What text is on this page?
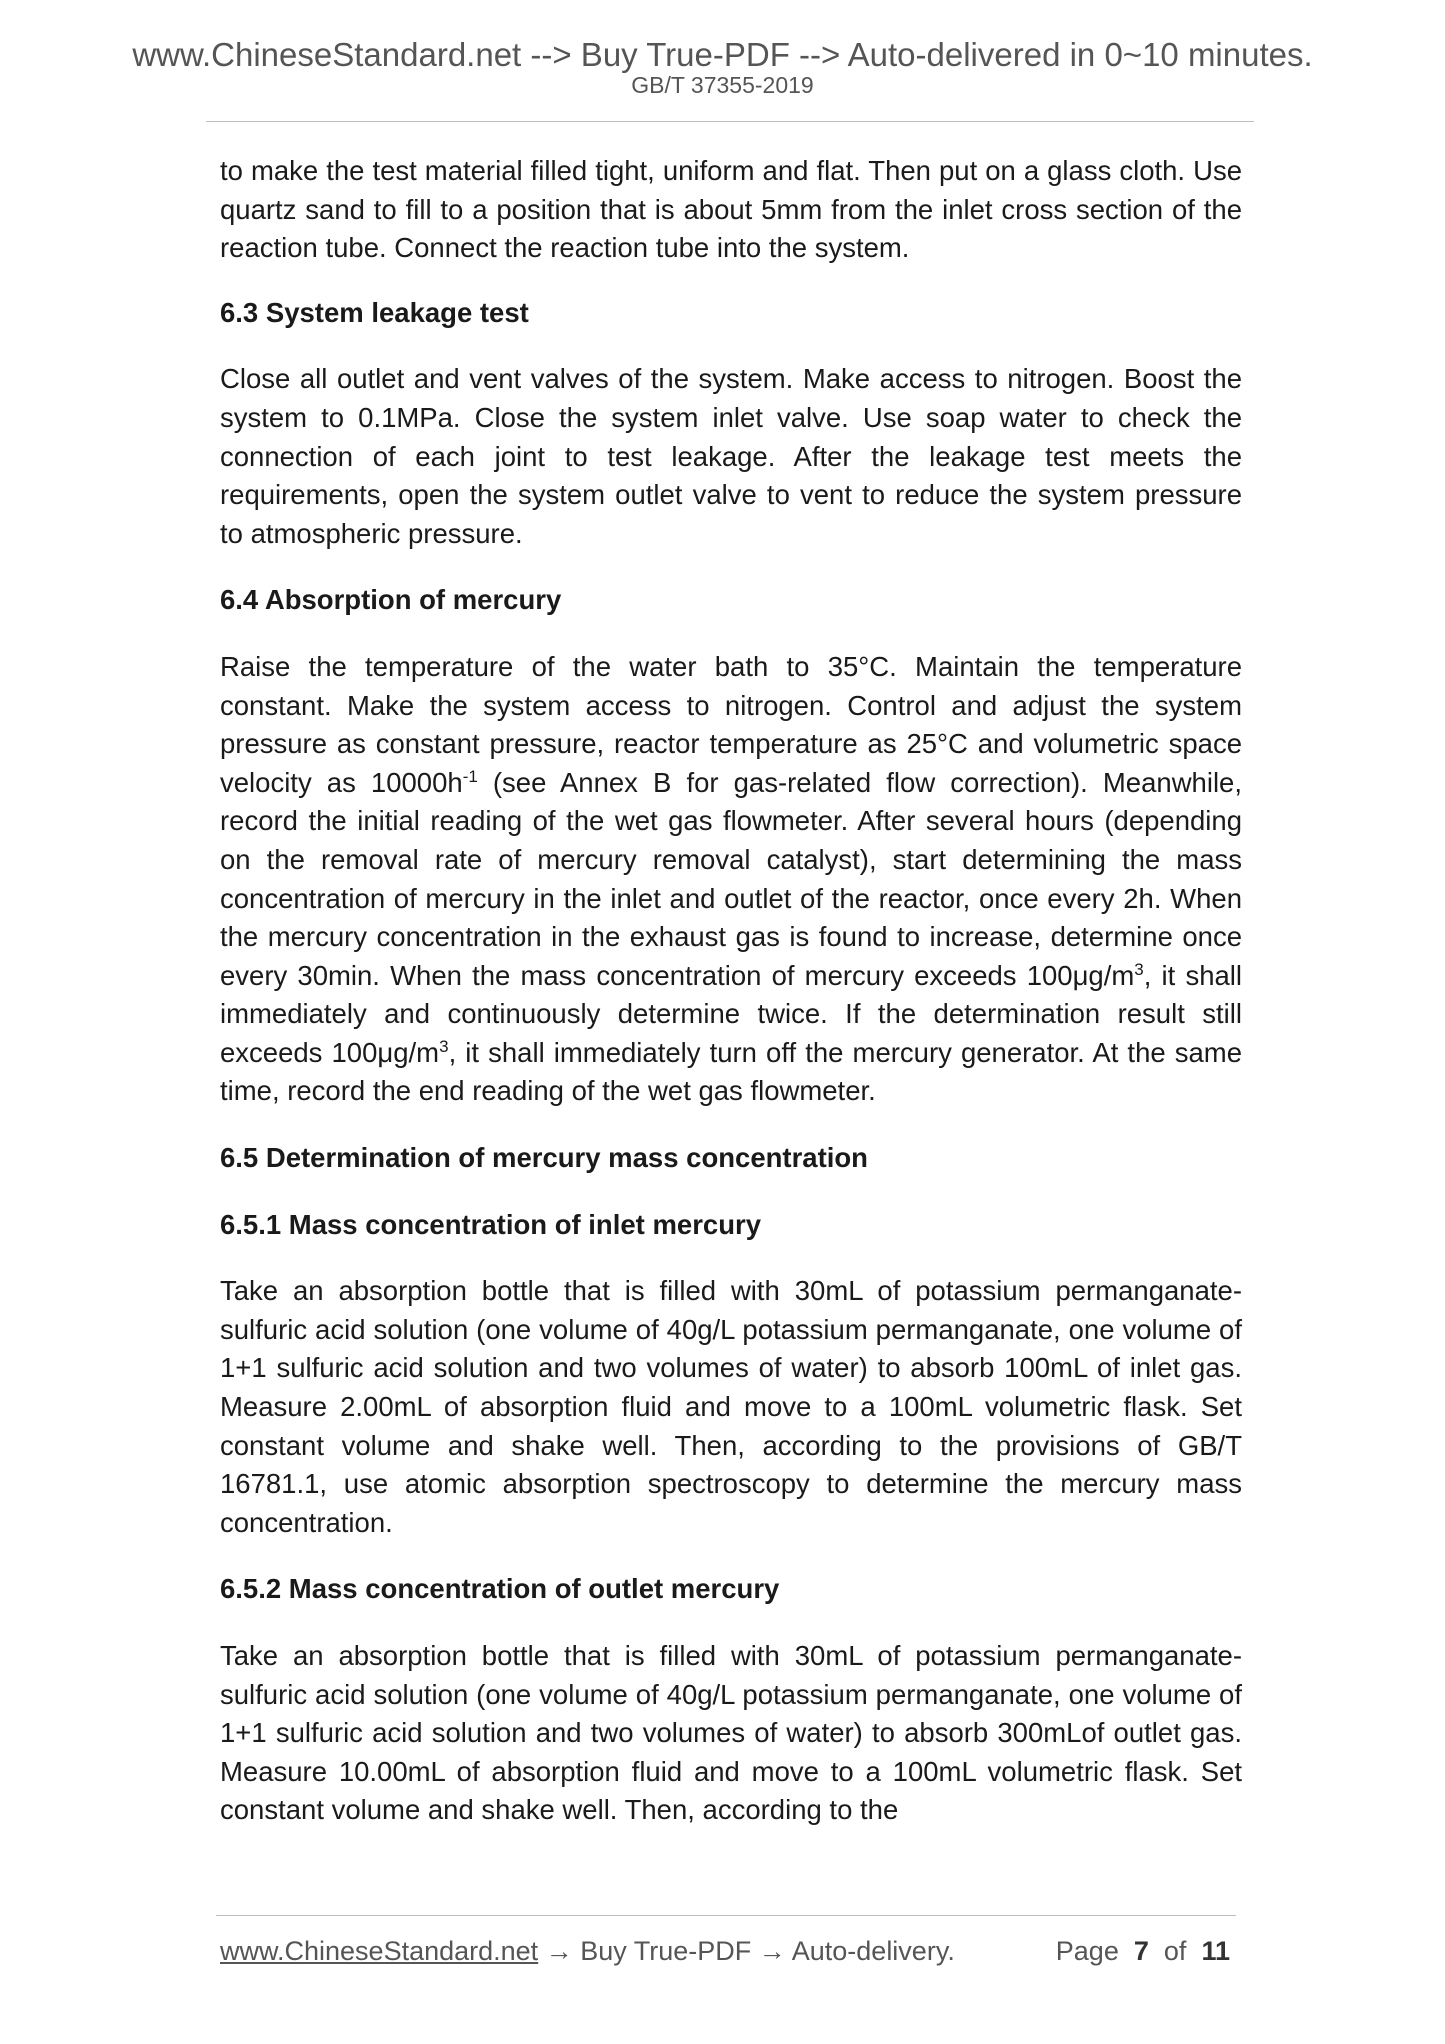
www.ChineseStandard.net --> Buy True-PDF --> Auto-delivered in 0~10 minutes.
GB/T 37355-2019

to make the test material filled tight, uniform and flat. Then put on a glass cloth. Use quartz sand to fill to a position that is about 5mm from the inlet cross section of the reaction tube. Connect the reaction tube into the system.

6.3 System leakage test

Close all outlet and vent valves of the system. Make access to nitrogen. Boost the system to 0.1MPa. Close the system inlet valve. Use soap water to check the connection of each joint to test leakage. After the leakage test meets the requirements, open the system outlet valve to vent to reduce the system pressure to atmospheric pressure.

6.4 Absorption of mercury

Raise the temperature of the water bath to 35°C. Maintain the temperature constant. Make the system access to nitrogen. Control and adjust the system pressure as constant pressure, reactor temperature as 25°C and volumetric space velocity as $10000h^{-1}$ (see Annex B for gas-related flow correction). Meanwhile, record the initial reading of the wet gas flowmeter. After several hours (depending on the removal rate of mercury removal catalyst), start determining the mass concentration of mercury in the inlet and outlet of the reactor, once every 2h. When the mercury concentration in the exhaust gas is found to increase, determine once every 30min. When the mass concentration of mercury exceeds $100\mu g/m^3$, it shall immediately and continuously determine twice. If the determination result still exceeds $100\mu g/m^3$, it shall immediately turn off the mercury generator. At the same time, record the end reading of the wet gas flowmeter.

6.5 Determination of mercury mass concentration
6.5.1 Mass concentration of inlet mercury

Take an absorption bottle that is filled with 30mL of potassium permanganate-sulfuric acid solution (one volume of 40g/L potassium permanganate, one volume of 1+1 sulfuric acid solution and two volumes of water) to absorb 100mL of inlet gas. Measure 2.00mL of absorption fluid and move to a 100mL volumetric flask. Set constant volume and shake well. Then, according to the provisions of GB/T 16781.1, use atomic absorption spectroscopy to determine the mercury mass concentration.

6.5.2 Mass concentration of outlet mercury

Take an absorption bottle that is filled with 30mL of potassium permanganate-sulfuric acid solution (one volume of 40g/L potassium permanganate, one volume of 1+1 sulfuric acid solution and two volumes of water) to absorb 300mLof outlet gas. Measure 10.00mL of absorption fluid and move to a 100mL volumetric flask. Set constant volume and shake well. Then, according to the

www.ChineseStandard.net → Buy True-PDF → Auto-delivery.	Page 7 of 11
